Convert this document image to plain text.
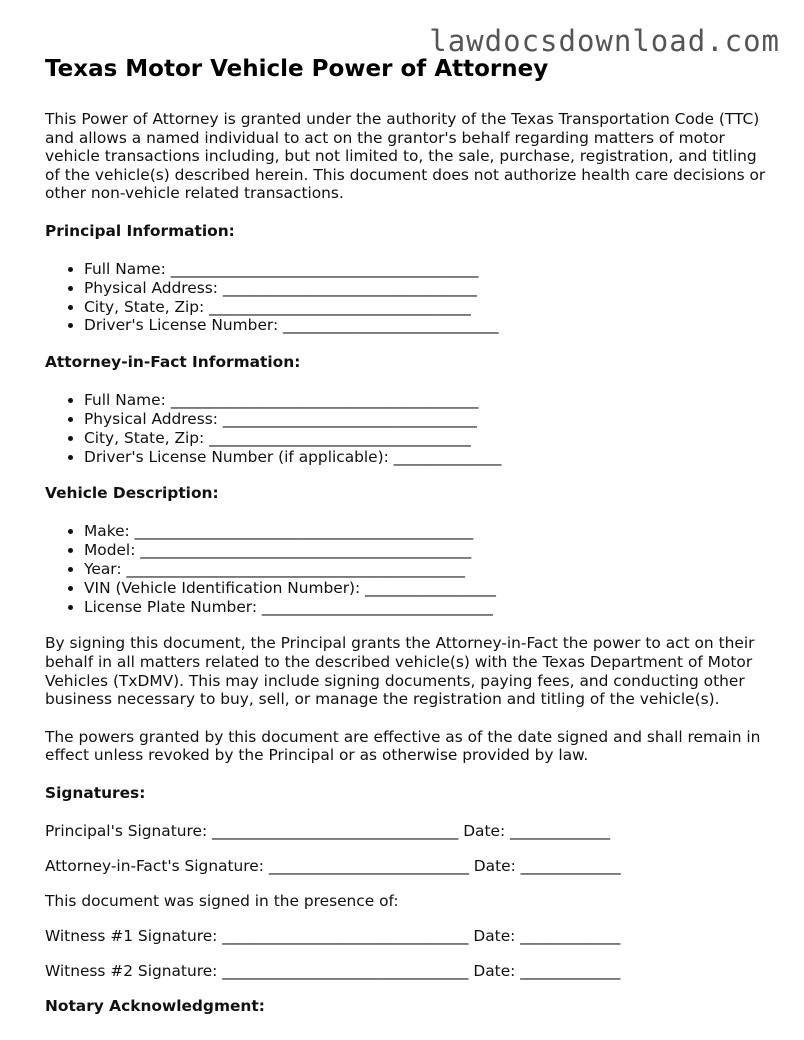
lawdocsdownload.com
Texas Motor Vehicle Power of Attorney

This Power of Attorney is granted under the authority of the Texas Transportation Code (TTC) and allows a named individual to act on the grantor's behalf regarding matters of motor vehicle transactions including, but not limited to, the sale, purchase, registration, and titling of the vehicle(s) described herein. This document does not authorize health care decisions or other non-vehicle related transactions.

Principal Information:
• Full Name: ________________________________________
• Physical Address: _________________________________
• City, State, Zip: __________________________________
• Driver's License Number: ____________________________
Attorney-in-Fact Information:
• Full Name: ________________________________________
• Physical Address: _________________________________
• City, State, Zip: __________________________________
• Driver's License Number (if applicable): ______________
Vehicle Description:
• Make: ____________________________________________
• Model: ___________________________________________
• Year: ____________________________________________
• VIN (Vehicle Identification Number): _________________
• License Plate Number: ______________________________

By signing this document, the Principal grants the Attorney-in-Fact the power to act on their behalf in all matters related to the described vehicle(s) with the Texas Department of Motor Vehicles (TxDMV). This may include signing documents, paying fees, and conducting other business necessary to buy, sell, or manage the registration and titling of the vehicle(s).

The powers granted by this document are effective as of the date signed and shall remain in effect unless revoked by the Principal or as otherwise provided by law.

Signatures:
Principal's Signature: ________________________________ Date: _____________
Attorney-in-Fact's Signature: __________________________ Date: _____________
This document was signed in the presence of:
Witness #1 Signature: ________________________________ Date: _____________
Witness #2 Signature: ________________________________ Date: _____________
Notary Acknowledgment:
